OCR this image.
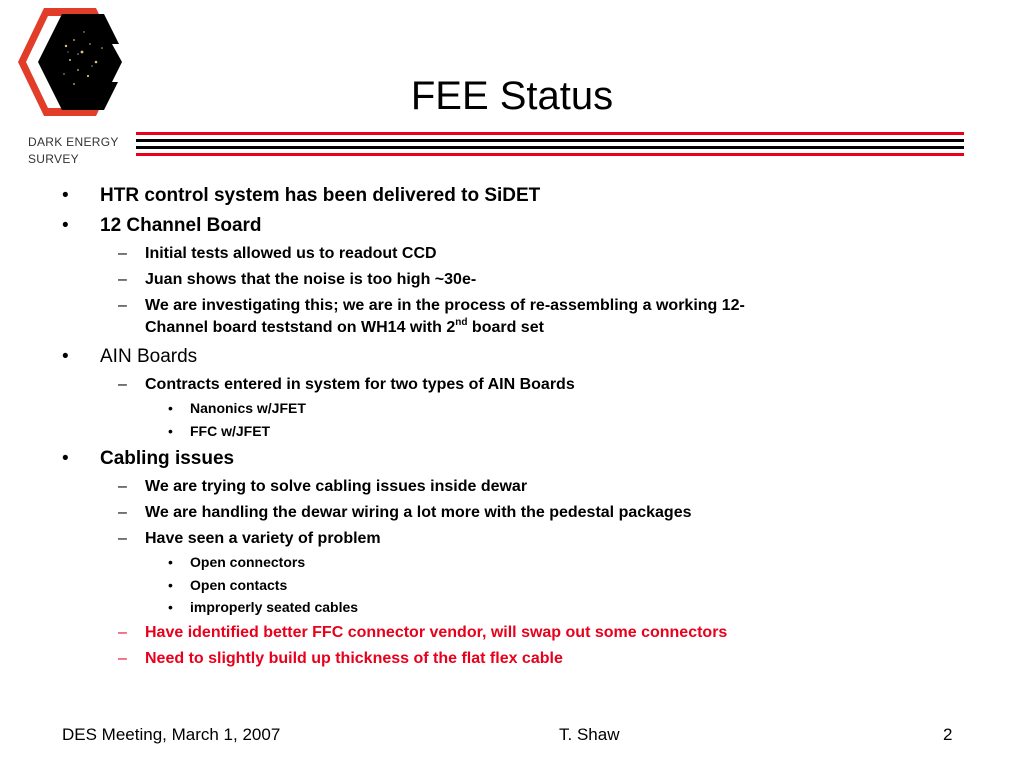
DARK ENERGY
SURVEY
FEE Status
• HTR control system has been delivered to SiDET
• 12 Channel Board
– Initial tests allowed us to readout CCD
– Juan shows that the noise is too high ~30e-
– We are investigating this; we are in the process of re-assembling a working 12-
Channel board teststand on WH14 with 2nd board set
• AIN Boards
– Contracts entered in system for two types of AIN Boards
• Nanonics w/JFET
• FFC w/JFET
• Cabling issues
– We are trying to solve cabling issues inside dewar
– We are handling the dewar wiring a lot more with the pedestal packages
– Have seen a variety of problem
• Open connectors
• Open contacts
• improperly seated cables
– Have identified better FFC connector vendor, will swap out some connectors
– Need to slightly build up thickness of the flat flex cable
DES Meeting, March 1, 2007	T. Shaw	2
